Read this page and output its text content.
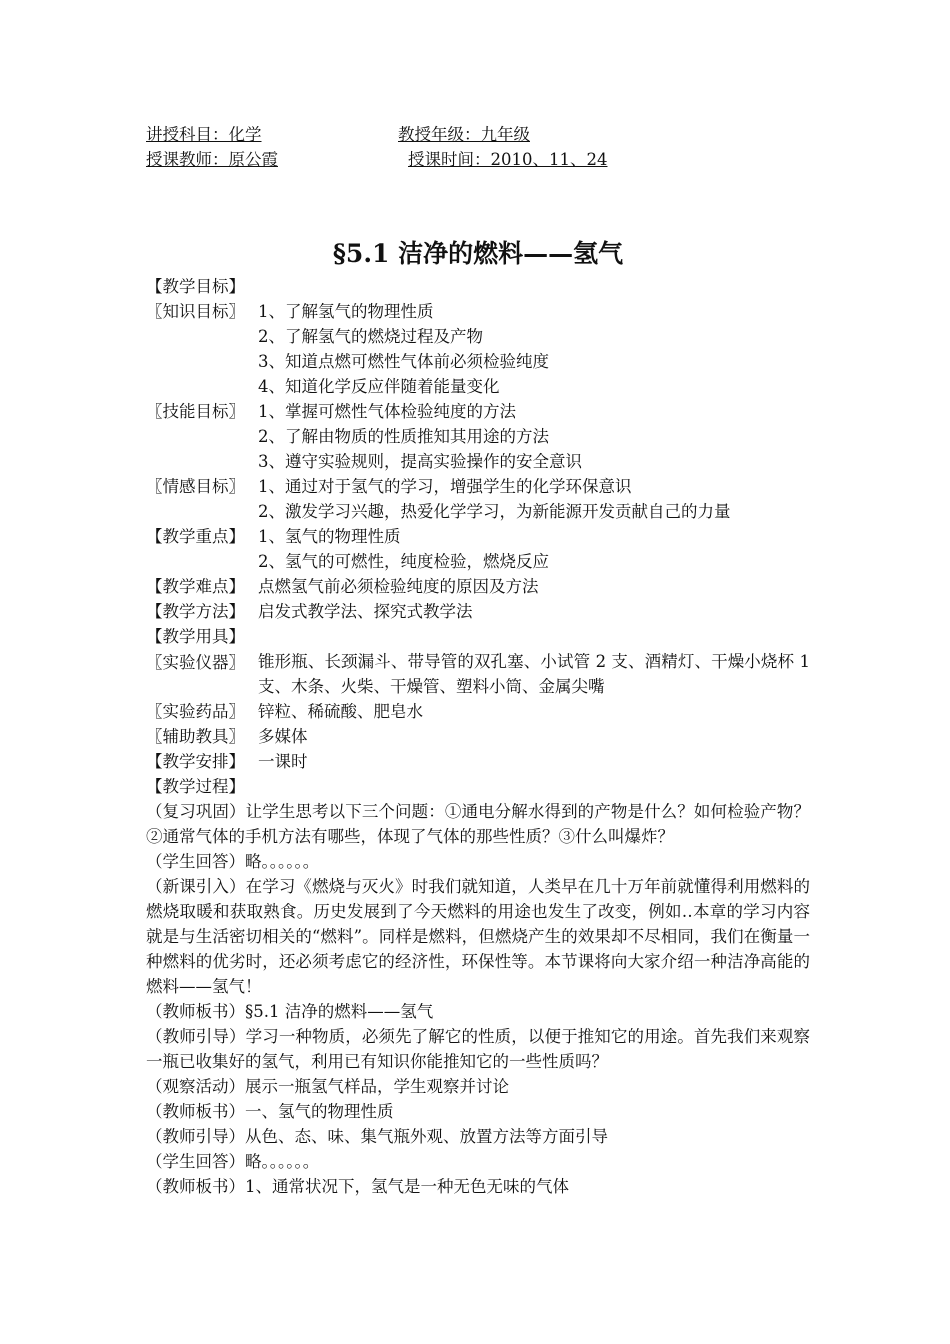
讲授科目：化学	教授年级：九年级
授课教师：原公霞	授课时间：2010、11、24
§5.1 洁净的燃料——氢气
【教学目标】
〖知识目标〗 1、了解氢气的物理性质
2、了解氢气的燃烧过程及产物
3、知道点燃可燃性气体前必须检验纯度
4、知道化学反应伴随着能量变化
〖技能目标〗 1、掌握可燃性气体检验纯度的方法
2、了解由物质的性质推知其用途的方法
3、遵守实验规则，提高实验操作的安全意识
〖情感目标〗 1、通过对于氢气的学习，增强学生的化学环保意识
2、激发学习兴趣，热爱化学学习，为新能源开发贡献自己的力量
【教学重点】 1、氢气的物理性质
2、氢气的可燃性，纯度检验，燃烧反应
【教学难点】 点燃氢气前必须检验纯度的原因及方法
【教学方法】 启发式教学法、探究式教学法
【教学用具】
〖实验仪器〗 锥形瓶、长颈漏斗、带导管的双孔塞、小试管 2 支、酒精灯、干燥小烧杯 1 支、木条、火柴、干燥管、塑料小筒、金属尖嘴
〖实验药品〗 锌粒、稀硫酸、肥皂水
〖辅助教具〗 多媒体
【教学安排】 一课时
【教学过程】
（复习巩固）让学生思考以下三个问题：①通电分解水得到的产物是什么？如何检验产物？②通常气体的手机方法有哪些，体现了气体的那些性质？③什么叫爆炸？
（学生回答）略。。。。。。
（新课引入）在学习《燃烧与灭火》时我们就知道，人类早在几十万年前就懂得利用燃料的燃烧取暖和获取熟食。历史发展到了今天燃料的用途也发生了改变，例如‥本章的学习内容就是与生活密切相关的“燃料”。同样是燃料，但燃烧产生的效果却不尽相同，我们在衡量一种燃料的优劣时，还必须考虑它的经济性，环保性等。本节课将向大家介绍一种洁净高能的燃料——氢气！
（教师板书）§5.1 洁净的燃料——氢气
（教师引导）学习一种物质，必须先了解它的性质，以便于推知它的用途。首先我们来观察一瓶已收集好的氢气，利用已有知识你能推知它的一些性质吗？
（观察活动）展示一瓶氢气样品，学生观察并讨论
（教师板书）一、氢气的物理性质
（教师引导）从色、态、味、集气瓶外观、放置方法等方面引导
（学生回答）略。。。。。。
（教师板书）1、通常状况下，氢气是一种无色无味的气体
